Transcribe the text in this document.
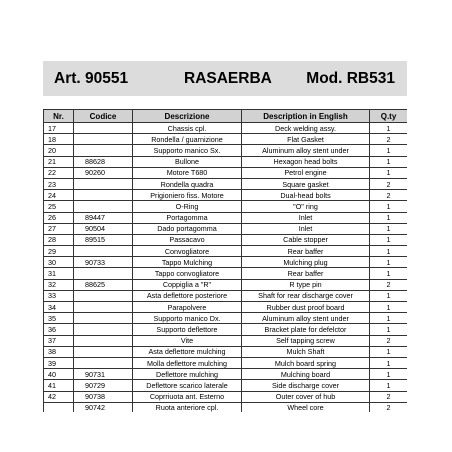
Art. 90551	RASAERBA Mod. RB531
Nr.	Codice	Descrizione	Description in English	Q.ty
17		Chassis cpl.	Deck welding assy.	1
18		Rondella / guarnizione	Flat Gasket	2
20		Supporto manico Sx.	Aluminum alloy stent under	1
21	88628	Bullone	Hexagon head bolts	1
22	90260	Motore T680	Petrol engine	1
23		Rondella quadra	Square gasket	2
24		Prigioniero fiss. Motore	Dual-head bolts	2
25		O-Ring	"O" ring	1
26	89447	Portagomma	Inlet	1
27	90504	Dado portagomma	Inlet	1
28	89515	Passacavo	Cable stopper	1
29		Convogliatore	Rear baffer	1
30	90733	Tappo Mulching	Mulching plug	1
31		Tappo convogliatore	Rear baffer	1
32	88625	Coppiglia a "R"	R type pin	2
33		Asta deflettore posteriore	Shaft for rear discharge cover	1
34		Parapolvere	Rubber dust proof board	1
35		Supporto manico Dx.	Aluminum alloy stent under	1
36		Supporto deflettore	Bracket plate for defelctor	1
37		Vite	Self tapping screw	2
38		Asta deflettore mulching	Mulch Shaft	1
39		Molla deflettore mulching	Mulch board spring	1
40	90731	Deflettore mulching	Mulching board	1
41	90729	Deflettore scarico laterale	Side discharge cover	1
42	90738	Coprriuota ant. Esterno	Outer cover of hub	2
	90742	Ruota anteriore cpl.	Wheel core	2
